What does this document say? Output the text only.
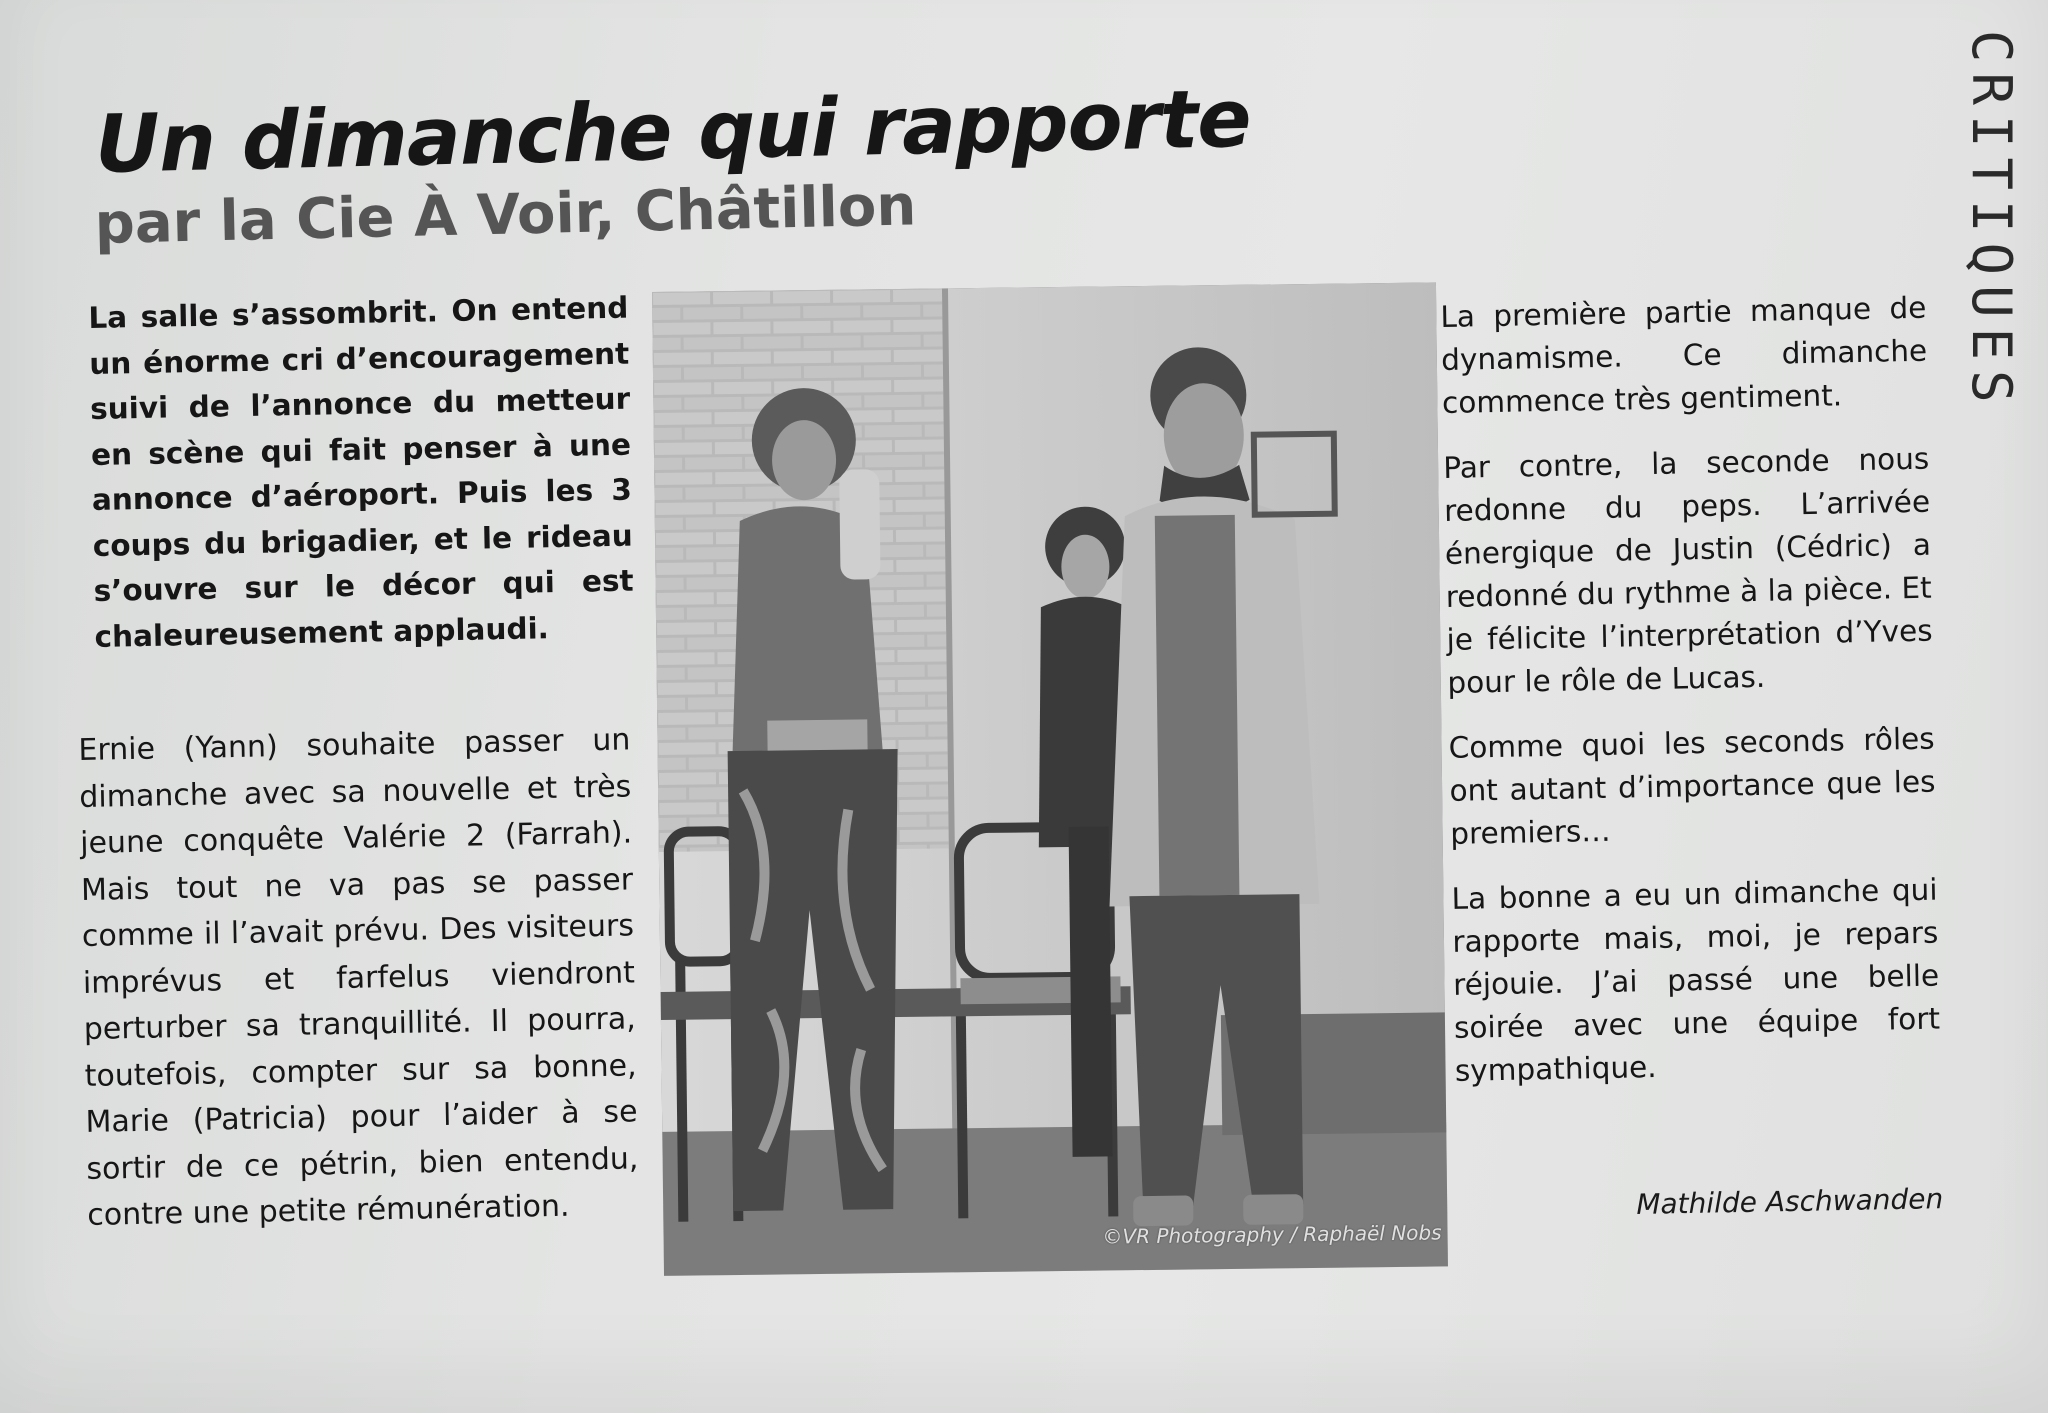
Un dimanche qui rapporte
par la Cie À Voir, Châtillon	CRITIQUES
La salle s’assombrit. On entend un énorme cri d’encouragement suivi de l’annonce du metteur en scène qui fait penser à une annonce d’aéroport. Puis les 3 coups du brigadier, et le rideau s’ouvre sur le décor qui est chaleureusement applaudi.
Ernie (Yann) souhaite passer un dimanche avec sa nouvelle et très jeune conquête Valérie 2 (Farrah). Mais tout ne va pas se passer comme il l’avait prévu. Des visiteurs imprévus et farfelus viendront perturber sa tranquillité. Il pourra, toutefois, compter sur sa bonne, Marie (Patricia) pour l’aider à se sortir de ce pétrin, bien entendu, contre une petite rémunération.
©VR Photography / Raphaël Nobs

La première partie manque de dynamisme. Ce dimanche commence très gentiment.

Par contre, la seconde nous redonne du peps. L’arrivée énergique de Justin (Cédric) a redonné du rythme à la pièce. Et je félicite l’interprétation d’Yves pour le rôle de Lucas.

Comme quoi les seconds rôles ont autant d’importance que les premiers…

La bonne a eu un dimanche qui rapporte mais, moi, je repars réjouie. J’ai passé une belle soirée avec une équipe fort sympathique.

Mathilde Aschwanden
